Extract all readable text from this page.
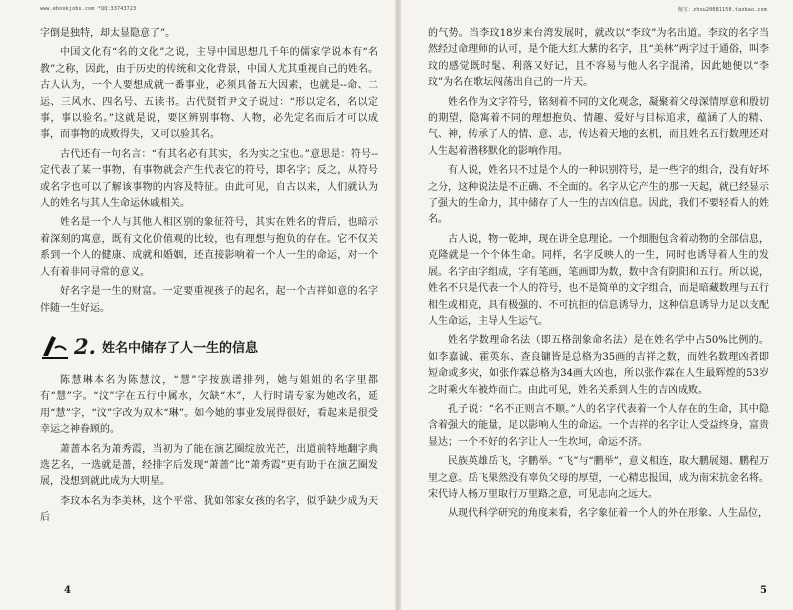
www.ebookjobs.com *QQ:33743723	淘宝：zhou20081150.taobao.com

字倒是独特，却太显隐意了”。

中国文化有“名的文化”之说，主导中国思想几千年的儒家学说本有“名教”之称，因此，由于历史的传统和文化背景，中国人尤其重视自己的姓名。古人认为，一个人要想成就一番事业，必须具备五大因素，也就是--命、二运、三风水、四名号、五读书。古代贤哲尹文子说过：“形以定名，名以定事，事以验名。”这就是说，要区辨别事物、人物，必先定名而后才可以成事，而事物的成败得失，又可以验其名。

古代还有一句名言：“有其名必有其实，名为实之宝也。”意思是：符号--定代表了某一事物，有事物就会产生代表它的符号，即名字；反之，从符号或名字也可以了解该事物的内容及特征。由此可见，自古以来，人们就认为人的姓名与其人生命运休戚相关。

姓名是一个人与其他人相区别的象征符号，其实在姓名的背后，也暗示着深刻的寓意，既有文化价值观的比较，也有理想与抱负的存在。它不仅关系到一个人的健康、成就和婚姻，还直接影响着一个人一生的命运，对一个人有着非同寻常的意义。

好名字是一生的财富。一定要重视孩子的起名，起一个吉祥如意的名字伴随一生好运。

2. 姓名中储存了人一生的信息

陈慧琳本名为陈慧汶，“慧”字按族谱排列，她与姐姐的名字里都有“慧”字。“汶”字在五行中属水，欠缺“木”，人行时请专家为她改名，延用“慧”字，“汶”字改为双木“琳”。如今她的事业发展得很好，看起来是很受幸运之神眷顾的。

萧蔷本名为萧秀霞，当初为了能在演艺圈绽放光芒，出道前特地翻字典选艺名，一选就是蔷，经排字后发现“萧蔷”比“萧秀霞”更有助于在演艺圈发展，没想到就此成为大明星。

李玟本名为李美林，这个平常、犹如邻家女孩的名字，似乎缺少成为天后

4

的气势。当李玟18岁来台湾发展时，就改以“李玟”为名出道。李玟的名字当然经过命理师的认可，是个能大红大紫的名字，且“美林”两字过于通俗，叫李玟的感觉既时髦、利落又好记，且不容易与他人名字混淆，因此她便以“李玟”为名在歌坛闯荡出自己的一片天。

姓名作为文字符号，铭刻着不同的文化观念，凝聚着父母深情厚意和殷切的期望，隐寓着不同的理想抱负、情趣、爱好与目标追求，蕴涵了人的精、气、神，传承了人的情、意、志，传达着天地的玄机，而且姓名五行数理还对人生起着潜移默化的影响作用。

有人说，姓名只不过是个人的一种识别符号，是一些字的组合，没有好坏之分，这种说法是不正确、不全面的。名字从它产生的那一天起，就已经显示了强大的生命力，其中储存了人一生的吉凶信息。因此，我们不要轻看人的姓名。

古人说，物一乾坤，现在讲全息理论。一个细胞包含着动物的全部信息，克隆就是一个个体生命。同样，名字反映人的一生，同时也诱导着人生的发展。名字由字组成，字有笔画，笔画即为数，数中含有阴阳和五行。所以说，姓名不只是代表一个人的符号，也不是简单的文字组合，而是暗藏数理与五行相生或相克，具有极强的、不可抗拒的信息诱导力，这种信息诱导力足以支配人生命运，主导人生运气。

姓名学数理命名法（即五格剖象命名法）是在姓名学中占50%比例的。如李嘉诚、霍英东、查良镛皆是总格为35画的吉祥之数，而姓名数理凶者即短命或多灾，如张作霖总格为34画大凶也，所以张作霖在人生最辉煌的53岁之时乘火车被炸而亡。由此可见，姓名关系到人生的吉凶成败。

孔子说：“名不正则言不顺。”人的名字代表着一个人存在的生命，其中隐含着强大的能量，足以影响人生的命运。一个吉祥的名字让人受益终身，富贵显达；一个不好的名字让人一生坎坷，命运不济。

民族英雄岳飞，字鹏举。“飞”与“鹏举”，意义相连，取大鹏展翅、鹏程万里之意。岳飞果然没有辜负父母的厚望，一心精忠报国，成为南宋抗金名将。宋代诗人杨万里取行万里路之意，可见志向之远大。

从现代科学研究的角度来看，名字象征着一个人的外在形象、人生品位，

5
